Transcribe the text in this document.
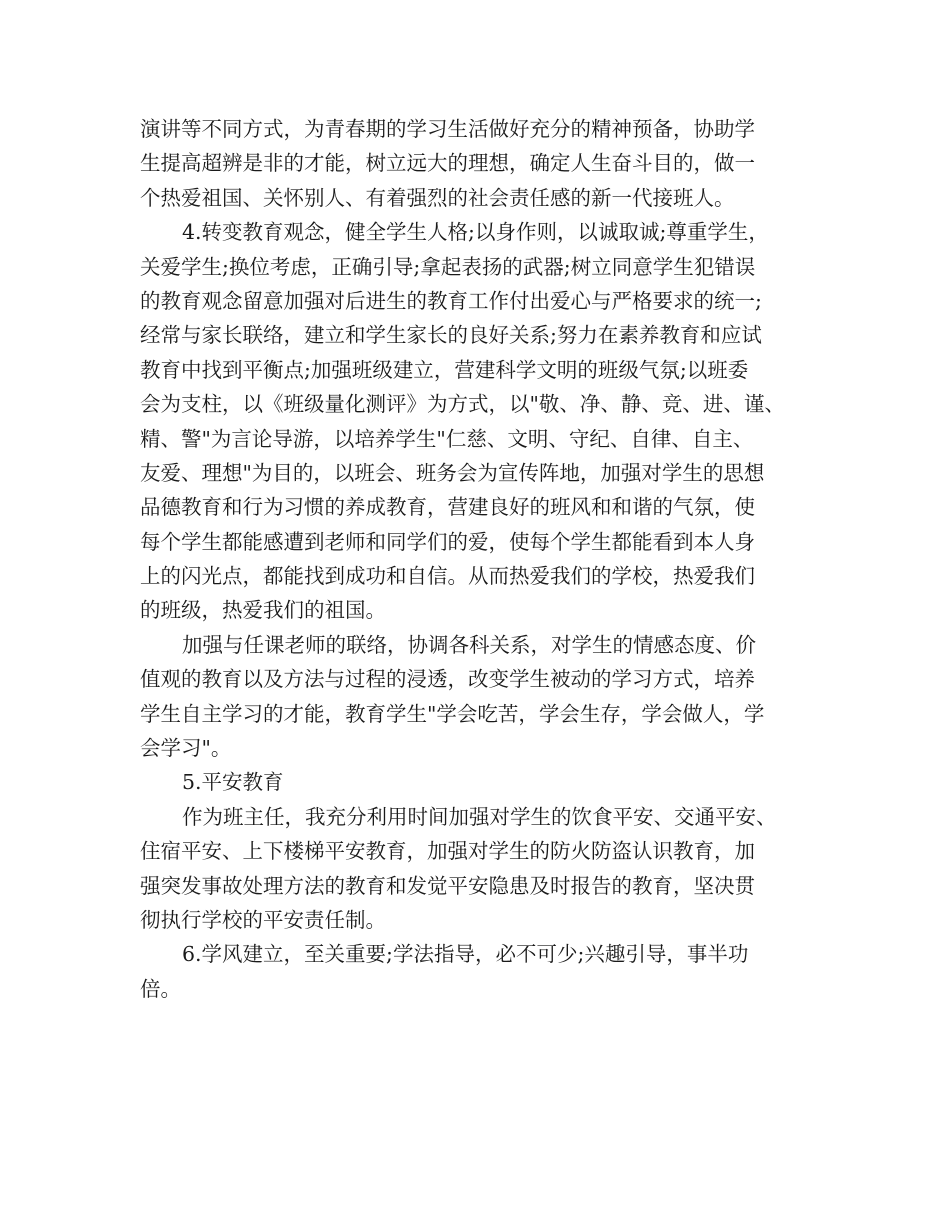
演讲等不同方式，为青春期的学习生活做好充分的精神预备，协助学
生提高超辨是非的才能，树立远大的理想，确定人生奋斗目的，做一
个热爱祖国、关怀别人、有着强烈的社会责任感的新一代接班人。
4.转变教育观念，健全学生人格;以身作则，以诚取诚;尊重学生，
关爱学生;换位考虑，正确引导;拿起表扬的武器;树立同意学生犯错误
的教育观念留意加强对后进生的教育工作付出爱心与严格要求的统一;
经常与家长联络，建立和学生家长的良好关系;努力在素养教育和应试
教育中找到平衡点;加强班级建立，营建科学文明的班级气氛;以班委
会为支柱，以《班级量化测评》为方式，以"敬、净、静、竞、进、谨、
精、警"为言论导游，以培养学生"仁慈、文明、守纪、自律、自主、
友爱、理想"为目的，以班会、班务会为宣传阵地，加强对学生的思想
品德教育和行为习惯的养成教育，营建良好的班风和和谐的气氛，使
每个学生都能感遭到老师和同学们的爱，使每个学生都能看到本人身
上的闪光点，都能找到成功和自信。从而热爱我们的学校，热爱我们
的班级，热爱我们的祖国。
加强与任课老师的联络，协调各科关系，对学生的情感态度、价
值观的教育以及方法与过程的浸透，改变学生被动的学习方式，培养
学生自主学习的才能，教育学生"学会吃苦，学会生存，学会做人，学
会学习"。
5.平安教育
作为班主任，我充分利用时间加强对学生的饮食平安、交通平安、
住宿平安、上下楼梯平安教育，加强对学生的防火防盗认识教育，加
强突发事故处理方法的教育和发觉平安隐患及时报告的教育，坚决贯
彻执行学校的平安责任制。
6.学风建立，至关重要;学法指导，必不可少;兴趣引导，事半功
倍。
